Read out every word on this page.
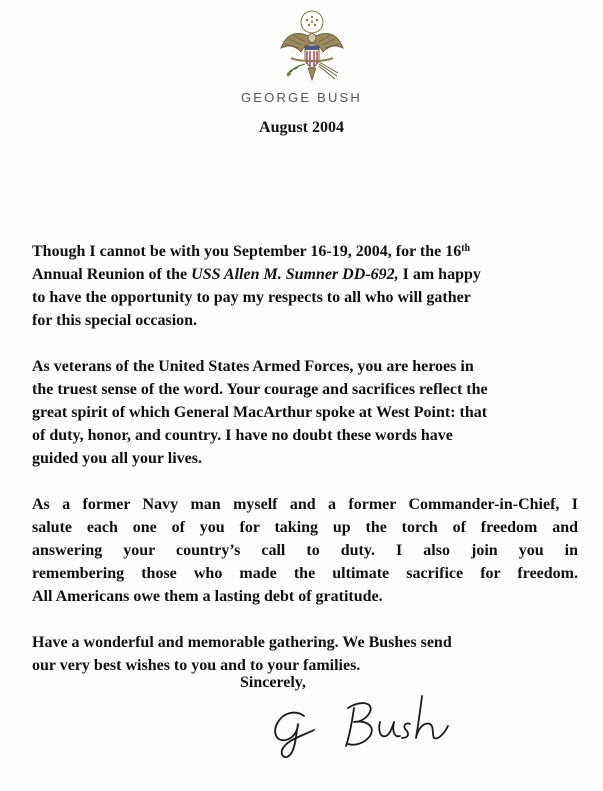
GEORGE BUSH
August 2004

Though I cannot be with you September 16-19, 2004, for the 16th
Annual Reunion of the USS Allen M. Sumner DD-692, I am happy
to have the opportunity to pay my respects to all who will gather
for this special occasion.

As veterans of the United States Armed Forces, you are heroes in
the truest sense of the word. Your courage and sacrifices reflect the
great spirit of which General MacArthur spoke at West Point: that
of duty, honor, and country. I have no doubt these words have
guided you all your lives.

As a former Navy man myself and a former Commander-in-Chief, I
salute each one of you for taking up the torch of freedom and
answering your country’s call to duty. I also join you in
remembering those who made the ultimate sacrifice for freedom.
All Americans owe them a lasting debt of gratitude.

Have a wonderful and memorable gathering. We Bushes send
our very best wishes to you and to your families.

Sincerely,
